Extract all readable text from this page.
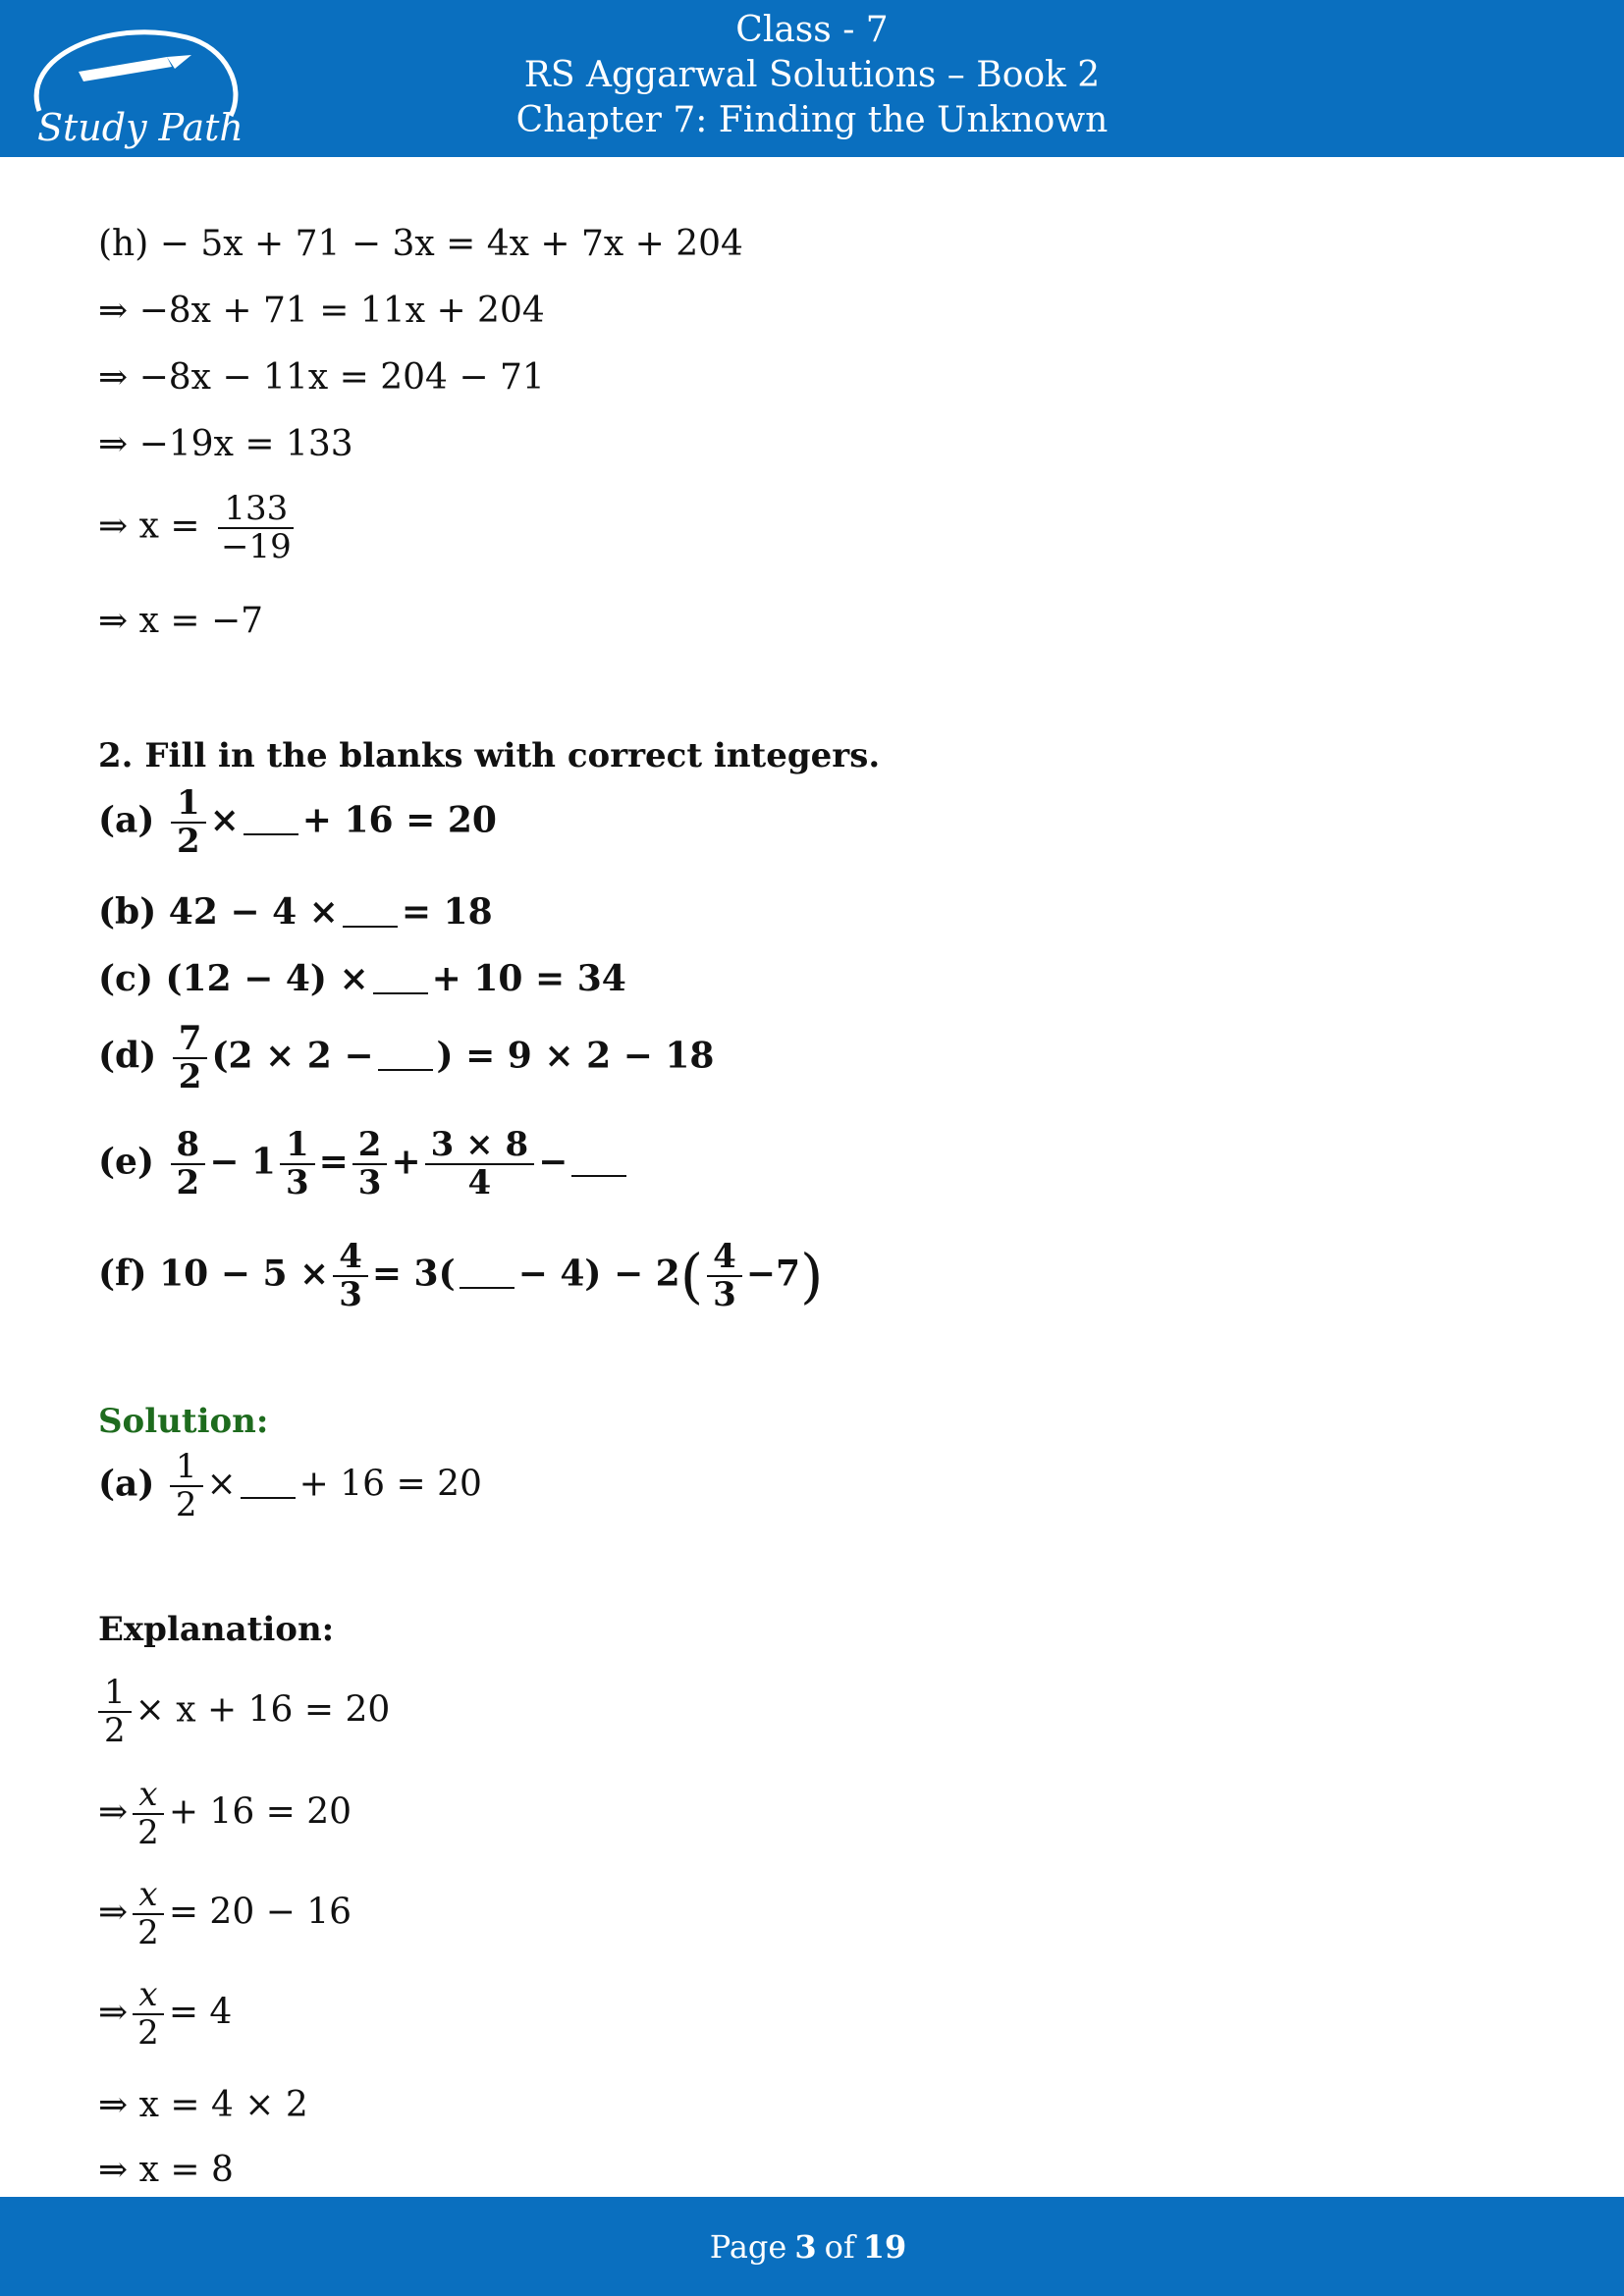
Study Path
Class - 7
RS Aggarwal Solutions – Book 2
Chapter 7: Finding the Unknown
(h) − 5x + 71 − 3x = 4x + 7x + 204
⇒ −8x + 71 = 11x + 204
⇒ −8x − 11x = 204 − 71
⇒ −19x = 133
⇒ $x = \frac{133}{-19}$
⇒ x = −7
2. Fill in the blanks with correct integers.
$(a) \frac{1}{2}$ × + 16 = 20
(b) 42 − 4 × = 18
(c) (12 − 4) × + 10 = 34
$(d) \frac{7}{2} (2 \times 2$ − ) = 9 × 2 − 18
$(e) \frac{8}{2} - 1 \frac{1}{3} = \frac{2}{3} + \frac{3 \times 8}{4}$ −
(f) $10 - 5 \times \frac{4}{3} = 3( - 4) - 2( \frac{4}{3} -7)$
Solution:
$(a) \frac{1}{2}$ × + 16 = 20
Explanation:
$\frac{1}{2} \times x + 16 = 20$
⇒ $\frac{x}{2} + 16 = 20$
⇒ $\frac{x}{2} = 20 - 16$
⇒ $\frac{x}{2} = 4$
⇒ x = 4 × 2
⇒ x = 8
Page 3 of 19
